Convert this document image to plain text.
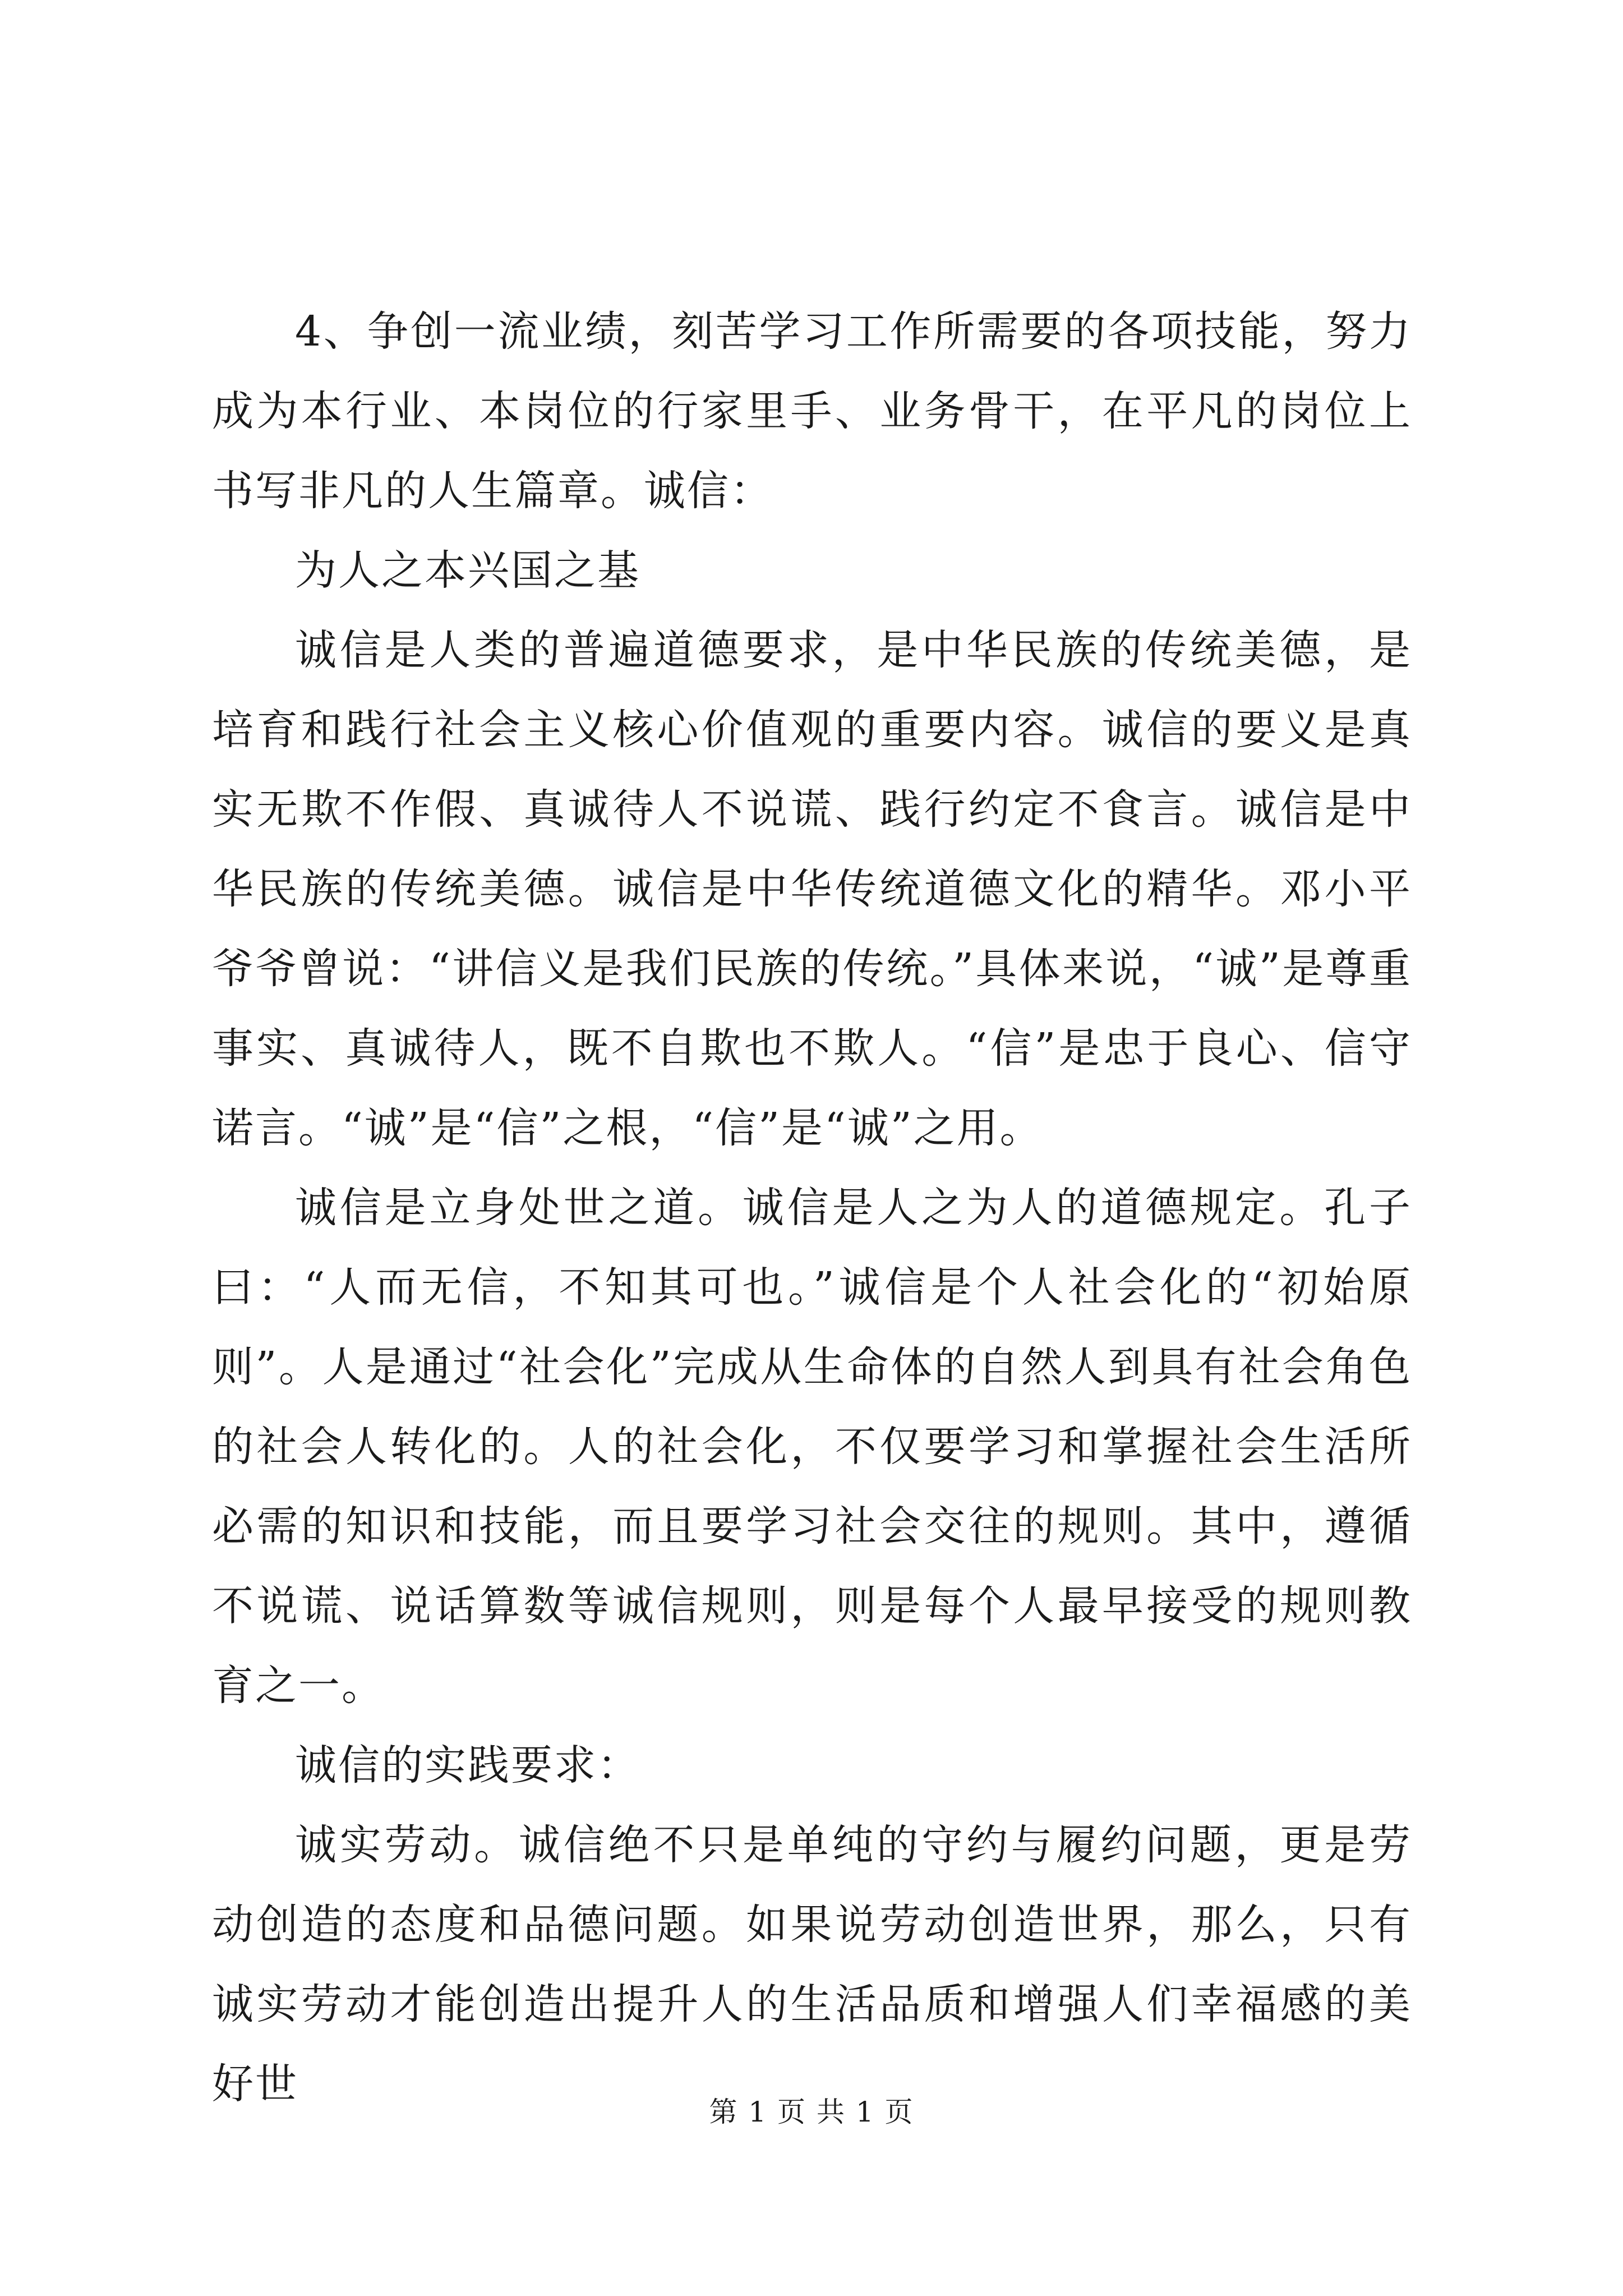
4、争创一流业绩，刻苦学习工作所需要的各项技能，努力成为本行业、本岗位的行家里手、业务骨干，在平凡的岗位上书写非凡的人生篇章。诚信：

为人之本兴国之基

诚信是人类的普遍道德要求，是中华民族的传统美德，是培育和践行社会主义核心价值观的重要内容。诚信的要义是真实无欺不作假、真诚待人不说谎、践行约定不食言。诚信是中华民族的传统美德。诚信是中华传统道德文化的精华。邓小平爷爷曾说：“讲信义是我们民族的传统。”具体来说，“诚”是尊重事实、真诚待人，既不自欺也不欺人。“信”是忠于良心、信守诺言。“诚”是“信”之根，“信”是“诚”之用。

诚信是立身处世之道。诚信是人之为人的道德规定。孔子曰：“人而无信，不知其可也。”诚信是个人社会化的“初始原则”。人是通过“社会化”完成从生命体的自然人到具有社会角色的社会人转化的。人的社会化，不仅要学习和掌握社会生活所必需的知识和技能，而且要学习社会交往的规则。其中，遵循不说谎、说话算数等诚信规则，则是每个人最早接受的规则教育之一。

诚信的实践要求：

诚实劳动。诚信绝不只是单纯的守约与履约问题，更是劳动创造的态度和品德问题。如果说劳动创造世界，那么，只有诚实劳动才能创造出提升人的生活品质和增强人们幸福感的美好世

第 1 页 共 1 页
